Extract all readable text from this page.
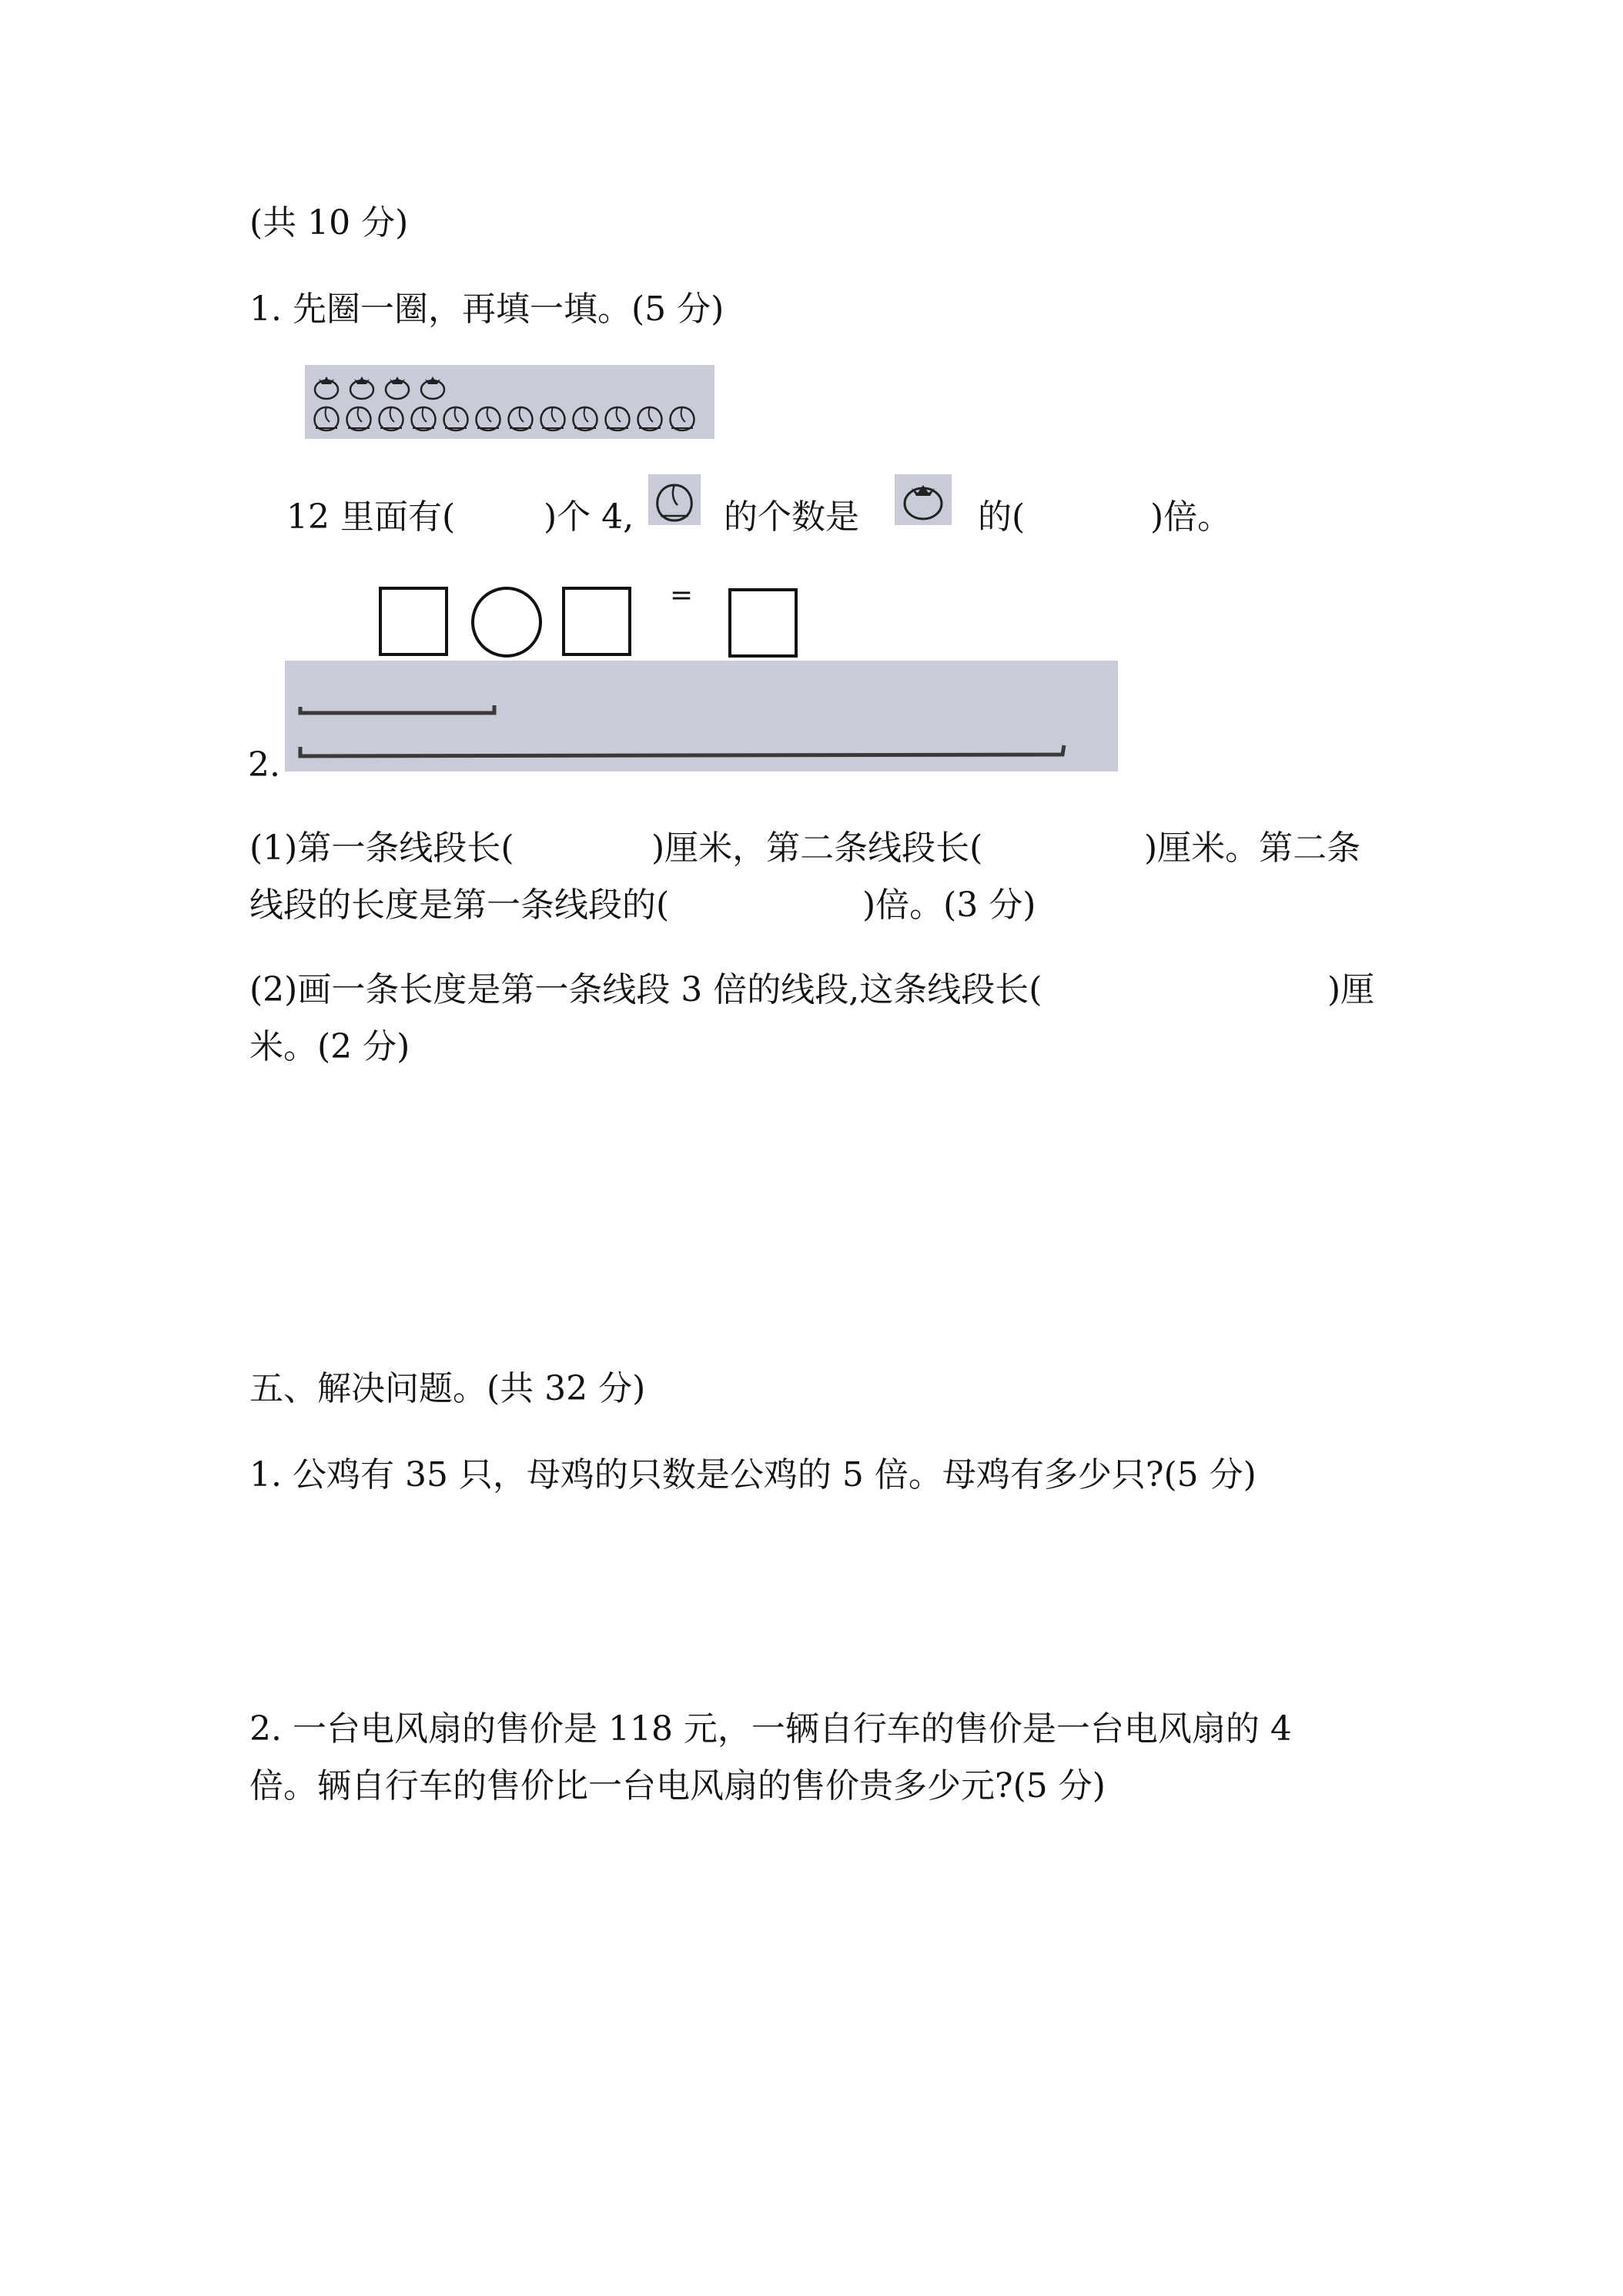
(共 10 分)
1. 先圈一圈，再填一填。(5 分)
12 里面有(	)个 4,	的个数是	的(	)倍。
=
2.
(1)第一条线段长(	)厘米，第二条线段长(	)厘米。第二条
线段的长度是第一条线段的(	)倍。(3 分)
(2)画一条长度是第一条线段 3 倍的线段,这条线段长(	)厘
米。(2 分)
五、解决问题。(共 32 分)
1. 公鸡有 35 只，母鸡的只数是公鸡的 5 倍。母鸡有多少只?(5 分)
2. 一台电风扇的售价是 118 元，一辆自行车的售价是一台电风扇的 4
倍。辆自行车的售价比一台电风扇的售价贵多少元?(5 分)
